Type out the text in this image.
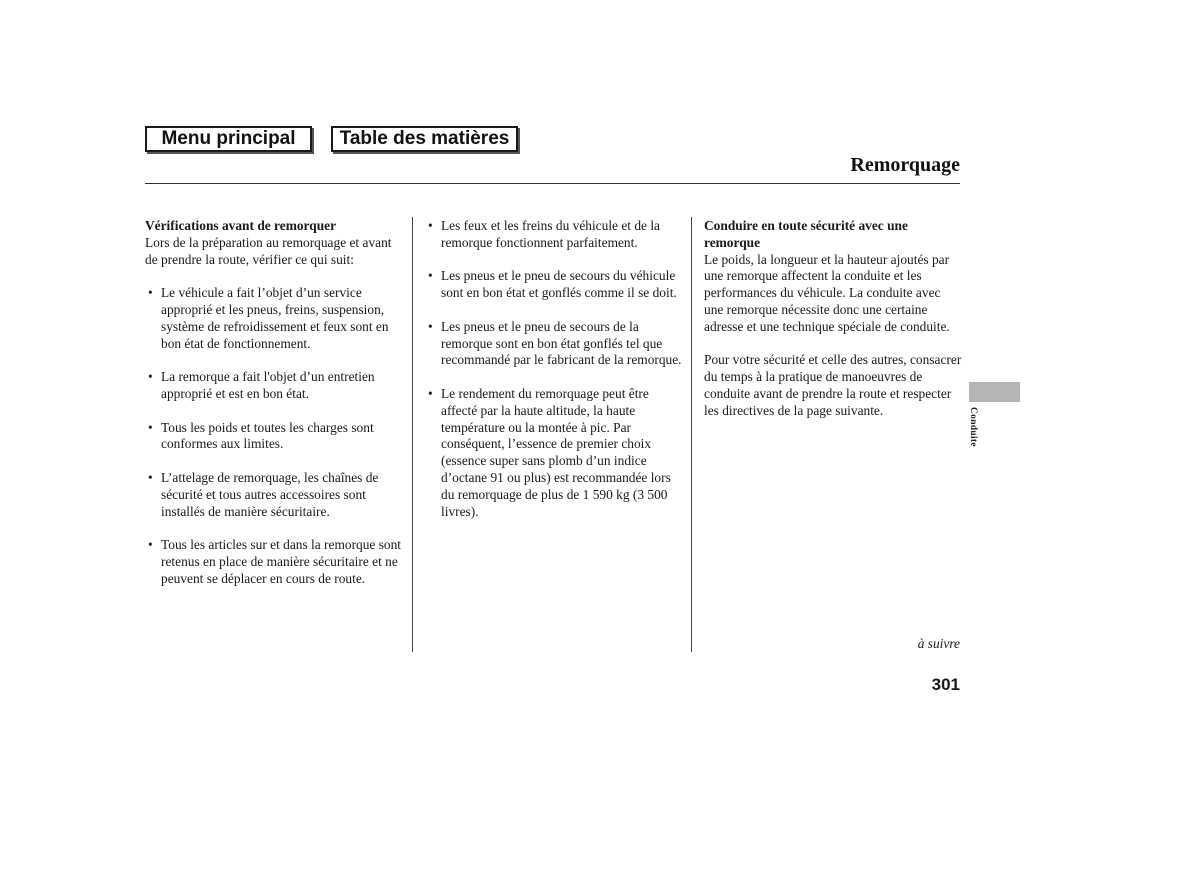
Menu principal	Table des matières
Remorquage

Vérifications avant de remorquer

Lors de la préparation au remorquage et avant de prendre la route, vérifier ce qui suit:

• Le véhicule a fait l’objet d’un service approprié et les pneus, freins, suspension, système de refroidissement et feux sont en bon état de fonctionnement.
• La remorque a fait l'objet d’un entretien approprié et est en bon état.
• Tous les poids et toutes les charges sont conformes aux limites.
• L’attelage de remorquage, les chaînes de sécurité et tous autres accessoires sont installés de manière sécuritaire.
• Tous les articles sur et dans la remorque sont retenus en place de manière sécuritaire et ne peuvent se déplacer en cours de route.
• Les feux et les freins du véhicule et de la remorque fonctionnent parfaitement.
• Les pneus et le pneu de secours du véhicule sont en bon état et gonflés comme il se doit.
• Les pneus et le pneu de secours de la remorque sont en bon état gonflés tel que recommandé par le fabricant de la remorque.
• Le rendement du remorquage peut être affecté par la haute altitude, la haute température ou la montée à pic. Par conséquent, l’essence de premier choix (essence super sans plomb d’un indice d’octane 91 ou plus) est recommandée lors du remorquage de plus de 1 590 kg (3 500 livres).

Conduire en toute sécurité avec une remorque

Le poids, la longueur et la hauteur ajoutés par une remorque affectent la conduite et les performances du véhicule. La conduite avec une remorque nécessite donc une certaine adresse et une technique spéciale de conduite.

Pour votre sécurité et celle des autres, consacrer du temps à la pratique de manoeuvres de conduite avant de prendre la route et respecter les directives de la page suivante.	Conduite
à suivre
301
